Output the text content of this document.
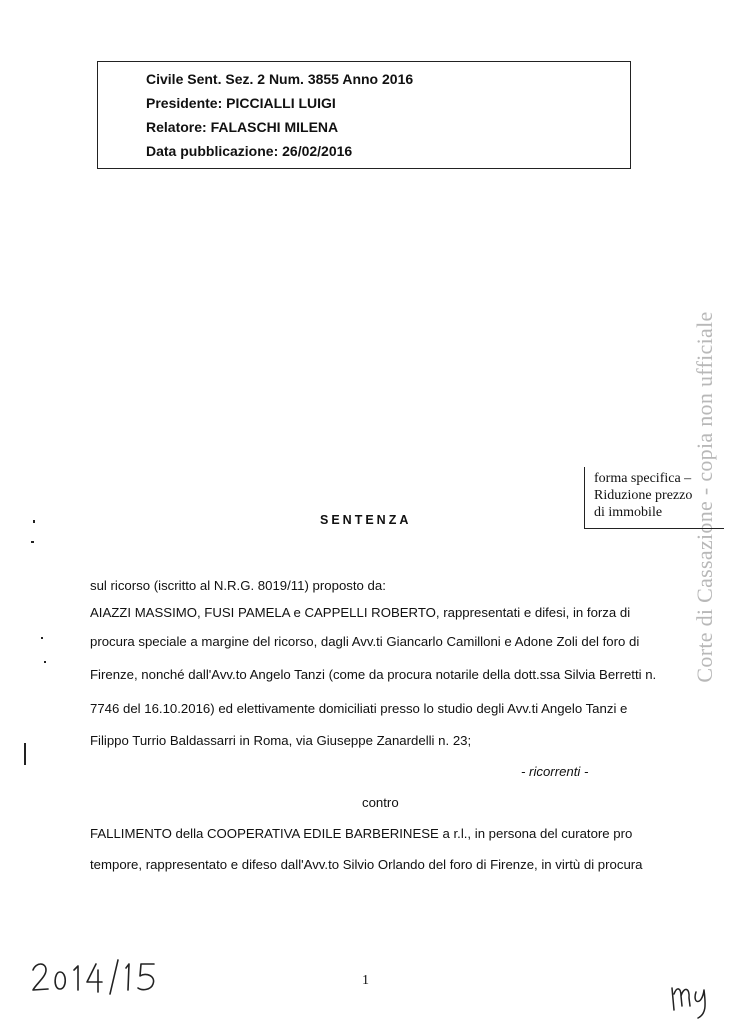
Civile Sent. Sez. 2 Num. 3855 Anno 2016

Presidente: PICCIALLI LUIGI

Relatore: FALASCHI MILENA

Data pubblicazione: 26/02/2016

Corte di Cassazione - copia non ufficiale
forma specifica –
Riduzione prezzo
di immobile
SENTENZA
sul ricorso (iscritto al N.R.G. 8019/11) proposto da:
AIAZZI MASSIMO, FUSI PAMELA e CAPPELLI ROBERTO, rappresentati e difesi, in forza di
procura speciale a margine del ricorso, dagli Avv.ti Giancarlo Camilloni e Adone Zoli del foro di
Firenze, nonché dall'Avv.to Angelo Tanzi (come da procura notarile della dott.ssa Silvia Berretti n.
7746 del 16.10.2016) ed elettivamente domiciliati presso lo studio degli Avv.ti Angelo Tanzi e
Filippo Turrio Baldassarri in Roma, via Giuseppe Zanardelli n. 23;
- ricorrenti -
contro
FALLIMENTO della COOPERATIVA EDILE BARBERINESE a r.l., in persona del curatore pro
tempore, rappresentato e difeso dall'Avv.to Silvio Orlando del foro di Firenze, in virtù di procura
1
